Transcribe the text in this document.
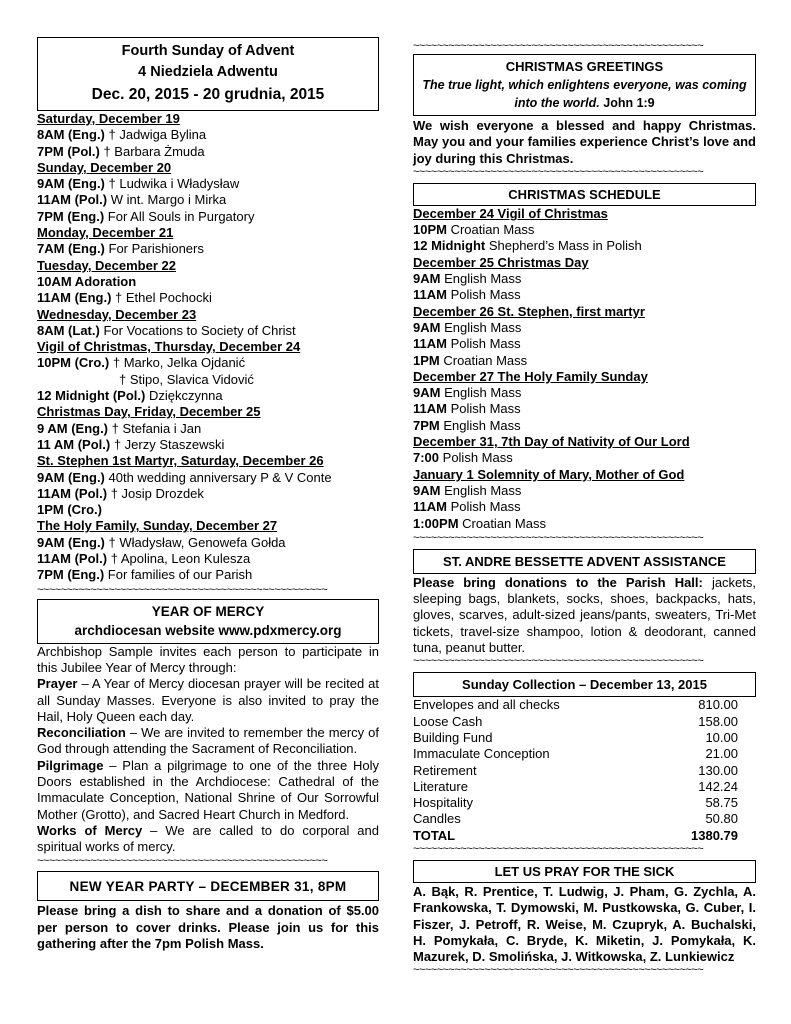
Fourth Sunday of Advent
4 Niedziela Adwentu
Dec. 20, 2015 - 20 grudnia, 2015
Saturday, December 19
8AM (Eng.) † Jadwiga Bylina
7PM (Pol.) † Barbara Żmuda
Sunday, December 20
9AM (Eng.) † Ludwika i Władysław
11AM (Pol.) W int. Margo i Mirka
7PM (Eng.) For All Souls in Purgatory
Monday, December 21
7AM (Eng.) For Parishioners
Tuesday, December 22
10AM Adoration
11AM (Eng.) † Ethel Pochocki
Wednesday, December 23
8AM (Lat.) For Vocations to Society of Christ
Vigil of Christmas, Thursday, December 24
10PM (Cro.) † Marko, Jelka Ojdanić
† Stipo, Slavica Vidović
12 Midnight (Pol.) Dziękczynna
Christmas Day, Friday, December 25
9 AM (Eng.) † Stefania i Jan
11 AM (Pol.) † Jerzy Staszewski
St. Stephen 1st Martyr, Saturday, December 26
9AM (Eng.) 40th wedding anniversary P & V Conte
11AM (Pol.) † Josip Drozdek
1PM (Cro.)
The Holy Family, Sunday, December 27
9AM (Eng.) † Władysław, Genowefa Gołda
11AM (Pol.) † Apolina, Leon Kulesza
7PM (Eng.) For families of our Parish
~~~~~~~~~~~~~~~~~~~~~~~~~~~~~~~~~~~~~~~~~~~~~~~~~
YEAR OF MERCY
archdiocesan website www.pdxmercy.org
Archbishop Sample invites each person to participate in this Jubilee Year of Mercy through:
Prayer – A Year of Mercy diocesan prayer will be recited at all Sunday Masses. Everyone is also invited to pray the Hail, Holy Queen each day.
Reconciliation – We are invited to remember the mercy of God through attending the Sacrament of Reconciliation.
Pilgrimage – Plan a pilgrimage to one of the three Holy Doors established in the Archdiocese: Cathedral of the Immaculate Conception, National Shrine of Our Sorrowful Mother (Grotto), and Sacred Heart Church in Medford.
Works of Mercy – We are called to do corporal and spiritual works of mercy.
~~~~~~~~~~~~~~~~~~~~~~~~~~~~~~~~~~~~~~~~~~~~~~~~~
NEW YEAR PARTY – DECEMBER 31, 8PM
Please bring a dish to share and a donation of $5.00 per person to cover drinks. Please join us for this gathering after the 7pm Polish Mass.
~~~~~~~~~~~~~~~~~~~~~~~~~~~~~~~~~~~~~~~~~~~~~~~~~
CHRISTMAS GREETINGS
The true light, which enlightens everyone, was coming into the world. John 1:9
We wish everyone a blessed and happy Christmas. May you and your families experience Christ’s love and joy during this Christmas.
~~~~~~~~~~~~~~~~~~~~~~~~~~~~~~~~~~~~~~~~~~~~~~~~~
CHRISTMAS SCHEDULE
December 24 Vigil of Christmas
10PM Croatian Mass
12 Midnight Shepherd’s Mass in Polish
December 25 Christmas Day
9AM English Mass
11AM Polish Mass
December 26 St. Stephen, first martyr
9AM English Mass
11AM Polish Mass
1PM Croatian Mass
December 27 The Holy Family Sunday
9AM English Mass
11AM Polish Mass
7PM English Mass
December 31, 7th Day of Nativity of Our Lord
7:00 Polish Mass
January 1 Solemnity of Mary, Mother of God
9AM English Mass
11AM Polish Mass
1:00PM Croatian Mass
~~~~~~~~~~~~~~~~~~~~~~~~~~~~~~~~~~~~~~~~~~~~~~~~~
ST. ANDRE BESSETTE ADVENT ASSISTANCE
Please bring donations to the Parish Hall: jackets, sleeping bags, blankets, socks, shoes, backpacks, hats, gloves, scarves, adult-sized jeans/pants, sweaters, Tri-Met tickets, travel-size shampoo, lotion & deodorant, canned tuna, peanut butter.
~~~~~~~~~~~~~~~~~~~~~~~~~~~~~~~~~~~~~~~~~~~~~~~~~
Sunday Collection – December 13, 2015
Envelopes and all checks	810.00
Loose Cash	158.00
Building Fund	10.00
Immaculate Conception	21.00
Retirement	130.00
Literature	142.24
Hospitality	58.75
Candles	50.80
TOTAL	1380.79
~~~~~~~~~~~~~~~~~~~~~~~~~~~~~~~~~~~~~~~~~~~~~~~~~
LET US PRAY FOR THE SICK
A. Bąk, R. Prentice, T. Ludwig, J. Pham, G. Zychla, A. Frankowska, T. Dymowski, M. Pustkowska, G. Cuber, I. Fiszer, J. Petroff, R. Weise, M. Czupryk, A. Buchalski, H. Pomykała, C. Bryde, K. Miketin, J. Pomykała, K. Mazurek, D. Smolińska, J. Witkowska, Z. Lunkiewicz
~~~~~~~~~~~~~~~~~~~~~~~~~~~~~~~~~~~~~~~~~~~~~~~~~
